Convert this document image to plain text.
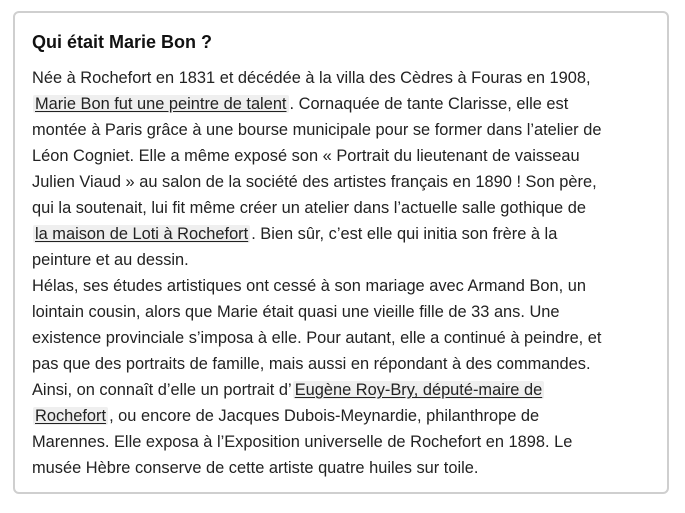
Qui était Marie Bon ?
Née à Rochefort en 1831 et décédée à la villa des Cèdres à Fouras en 1908,
Marie Bon fut une peintre de talent . Cornaquée de tante Clarisse, elle est
montée à Paris grâce à une bourse municipale pour se former dans l’atelier de
Léon Cogniet. Elle a même exposé son « Portrait du lieutenant de vaisseau
Julien Viaud » au salon de la société des artistes français en 1890 ! Son père,
qui la soutenait, lui fit même créer un atelier dans l’actuelle salle gothique de
la maison de Loti à Rochefort . Bien sûr, c’est elle qui initia son frère à la
peinture et au dessin.
Hélas, ses études artistiques ont cessé à son mariage avec Armand Bon, un
lointain cousin, alors que Marie était quasi une vieille fille de 33 ans. Une
existence provinciale s’imposa à elle. Pour autant, elle a continué à peindre, et
pas que des portraits de famille, mais aussi en répondant à des commandes.
Ainsi, on connaît d’elle un portrait d’ Eugène Roy-Bry, député-maire de
Rochefort , ou encore de Jacques Dubois-Meynardie, philanthrope de
Marennes. Elle exposa à l’Exposition universelle de Rochefort en 1898. Le
musée Hèbre conserve de cette artiste quatre huiles sur toile.
